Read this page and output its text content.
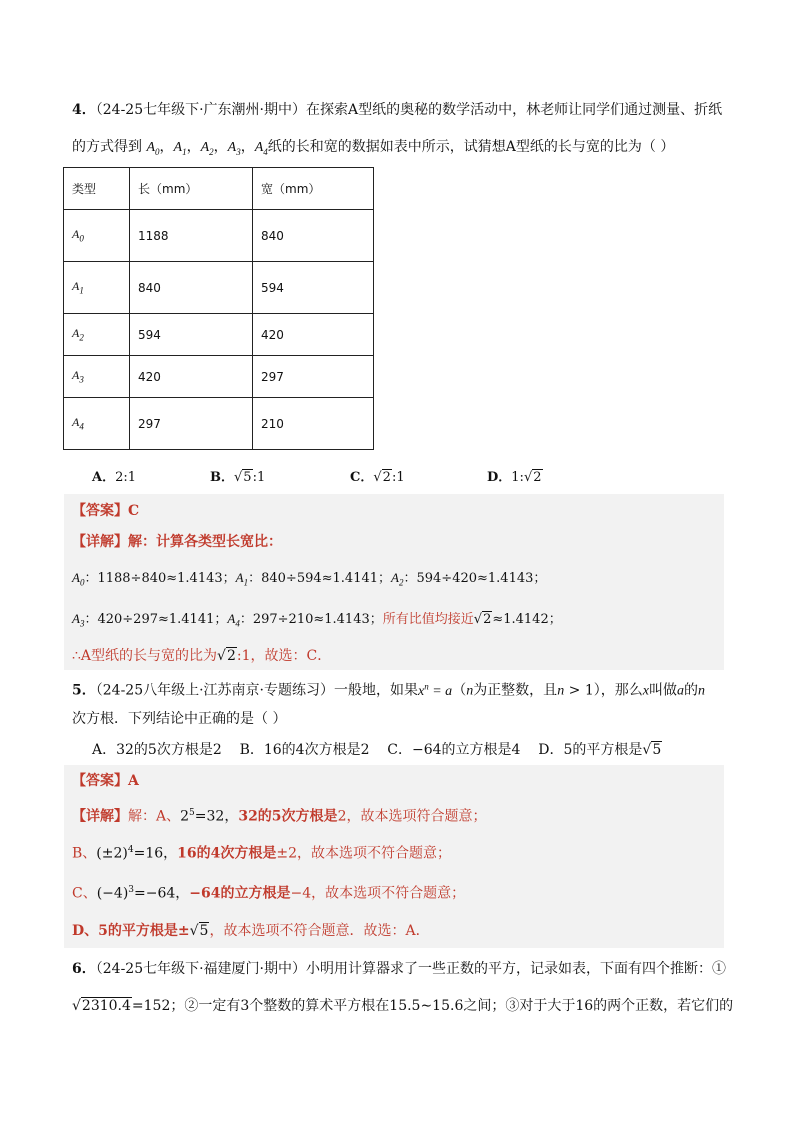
4．（24-25七年级下·广东潮州·期中）在探索A型纸的奥秘的数学活动中，林老师让同学们通过测量、折纸
的方式得到 $A_0$，$A_1$，$A_2$，$A_3$，$A_4$纸的长和宽的数据如表中所示，试猜想A型纸的长与宽的比为（ ）
类型	长（mm）	宽（mm）
$A_0$	1188	840
$A_1$	840	594
$A_2$	594	420
$A_3$	420	297
$A_4$	297	210
A．2:1	B．√5:1	C．√2:1	D．1:√2
【答案】C
【详解】解：计算各类型长宽比：
$A_0$：1188÷840≈1.4143；$A_1$：840÷594≈1.4141；$A_2$：594÷420≈1.4143；
$A_3$：420÷297≈1.4141；$A_4$：297÷210≈1.4143；所有比值均接近√2≈1.4142；
∴A型纸的长与宽的比为√2:1，故选：C．
5．（24-25八年级上·江苏南京·专题练习）一般地，如果$x^n = a(n$为正整数，且n > 1），那么x叫做a的n
次方根．下列结论中正确的是（ ）
A．32的5次方根是2 B．16的4次方根是2 C．−64的立方根是4 D．5的平方根是√5
【答案】A
【详解】解：A、$2^5=32$，32的5次方根是2，故本选项符合题意；
B、$(\pm 2)^4=16$，16的4次方根是±2，故本选项不符合题意；
C、$(-4)^3=-64$，−64的立方根是−4，故本选项不符合题意；
D、5的平方根是±√5，故本选项不符合题意．故选：A．
6．（24-25七年级下·福建厦门·期中）小明用计算器求了一些正数的平方，记录如表，下面有四个推断：①
√2310.4=152；②一定有3个整数的算术平方根在15.5∼15.6之间；③对于大于16的两个正数，若它们的
